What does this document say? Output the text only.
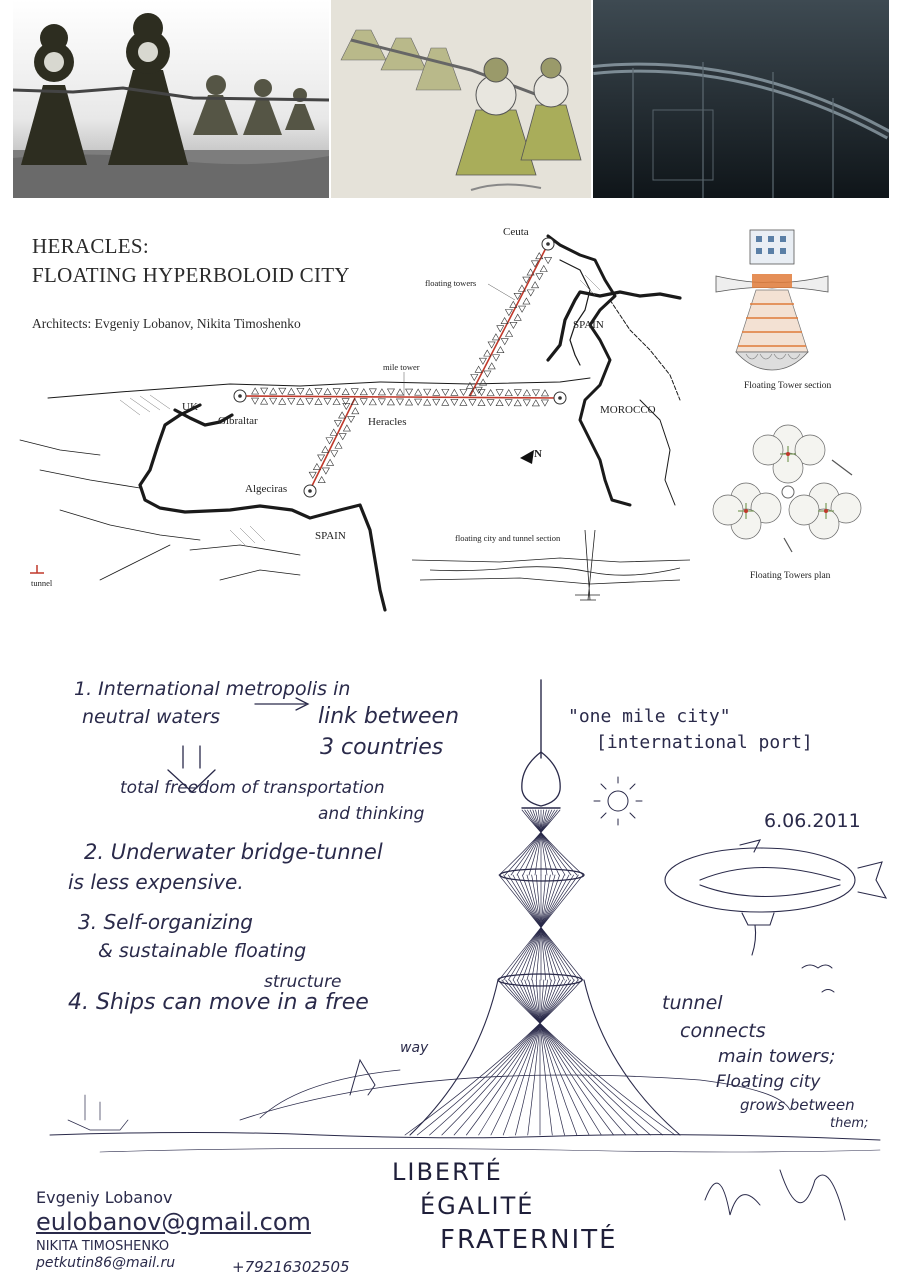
HERACLES:
FLOATING HYPERBOLOID CITY
Architects: Evgeniy Lobanov, Nikita Timoshenko
Ceuta
floating towers
SPAIN
mile tower
UK
Gibraltar	Heracles
MOROCCO
Algeciras
SPAIN
N
tunnel
floating city and tunnel section
Floating Tower section
Floating Towers plan
1. International metropolis in
neutral waters	link between
3 countries
total freedom of transportation
and thinking
2. Underwater bridge-tunnel
is less expensive.
3. Self-organizing
& sustainable floating
structure
4. Ships can move in a free
way
"one mile city"
[international port]
6.06.2011
tunnel
connects
main towers;
Floating city
grows between
them;
LIBERTÉ
ÉGALITÉ
FRATERNITÉ
Evgeniy Lobanov
eulobanov@gmail.com
NIKITA TIMOSHENKO
petkutin86@mail.ru	+79216302505
